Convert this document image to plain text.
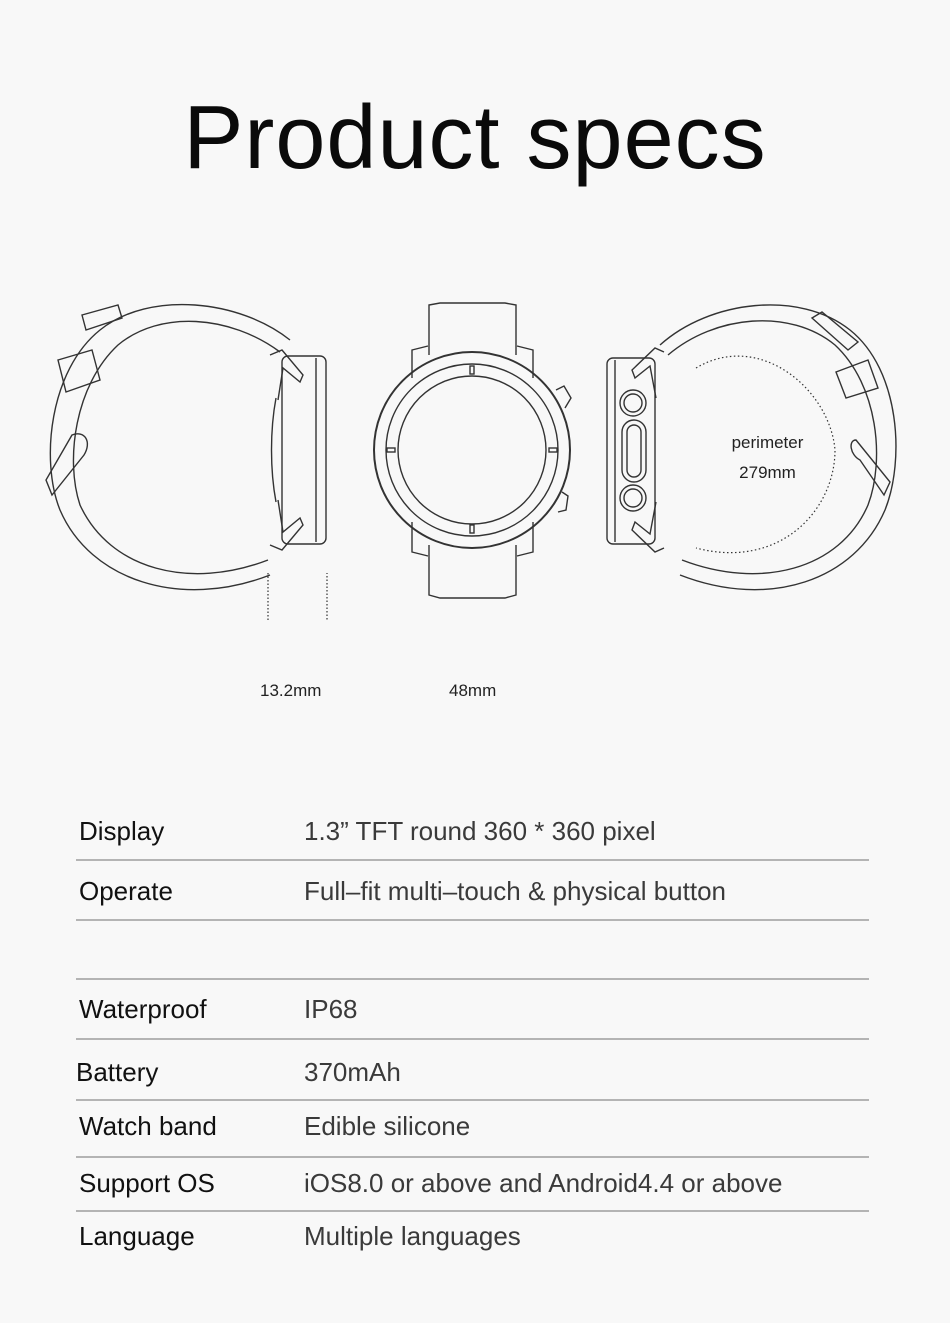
Product specs
13.2mm	48mm
perimeter
279mm
Display	1.3” TFT round 360 * 360 pixel
Operate	Full–fit multi–touch & physical button
Waterproof	IP68
Battery	370mAh
Watch band	Edible silicone
Support OS	iOS8.0 or above and Android4.4 or above
Language	Multiple languages
